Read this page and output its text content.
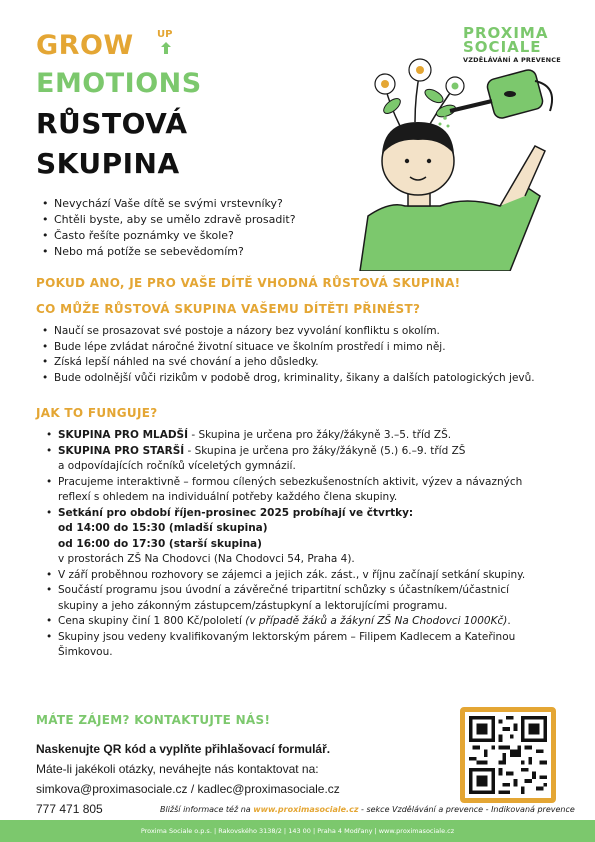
GROW UP
EMOTIONS
RŮSTOVÁ
SKUPINA
PROXIMA
SOCIALE
VZDĚLÁVÁNÍ A PREVENCE
• Nevychází Vaše dítě se svými vrstevníky?
• Chtěli byste, aby se umělo zdravě prosadit?
• Často řešíte poznámky ve škole?
• Nebo má potíže se sebevědomím?
POKUD ANO, JE PRO VAŠE DÍTĚ VHODNÁ RŮSTOVÁ SKUPINA!
CO MŮŽE RŮSTOVÁ SKUPINA VAŠEMU DÍTĚTI PŘINÉST?
• Naučí se prosazovat své postoje a názory bez vyvolání konfliktu s okolím.
• Bude lépe zvládat náročné životní situace ve školním prostředí i mimo něj.
• Získá lepší náhled na své chování a jeho důsledky.
• Bude odolnější vůči rizikům v podobě drog, kriminality, šikany a dalších patologických jevů.
JAK TO FUNGUJE?
• SKUPINA PRO MLADŠÍ - Skupina je určena pro žáky/žákyně 3.–5. tříd ZŠ.
• SKUPINA PRO STARŠÍ - Skupina je určena pro žáky/žákyně (5.) 6.–9. tříd ZŠ
a odpovídajících ročníků víceletých gymnázií.
• Pracujeme interaktivně – formou cílených sebezkušenostních aktivit, výzev a návazných
reflexí s ohledem na individuální potřeby každého člena skupiny.
• Setkání pro období říjen-prosinec 2025 probíhají ve čtvrtky:
od 14:00 do 15:30 (mladší skupina)
od 16:00 do 17:30 (starší skupina)
v prostorách ZŠ Na Chodovci (Na Chodovci 54, Praha 4).
• V září proběhnou rozhovory se zájemci a jejich zák. zást., v říjnu začínají setkání skupiny.
• Součástí programu jsou úvodní a závěrečné tripartitní schůzky s účastníkem/účastnicí
skupiny a jeho zákonným zástupcem/zástupkyní a lektorujícími programu.
• Cena skupiny činí 1 800 Kč/pololetí (v případě žáků a žákyní ZŠ Na Chodovci 1000Kč).
• Skupiny jsou vedeny kvalifikovaným lektorským párem – Filipem Kadlecem a Kateřinou
Šimkovou.
MÁTE ZÁJEM? KONTAKTUJTE NÁS!
Naskenujte QR kód a vyplňte přihlašovací formulář.
Máte-li jakékoli otázky, neváhejte nás kontaktovat na:
simkova@proximasociale.cz / kadlec@proximasociale.cz
777 471 805	Bližší informace též na www.proximasociale.cz - sekce Vzdělávání a prevence - Indikovaná prevence
Proxima Sociale o.p.s. | Rakovského 3138/2 | 143 00 | Praha 4 Modřany | www.proximasociale.cz
